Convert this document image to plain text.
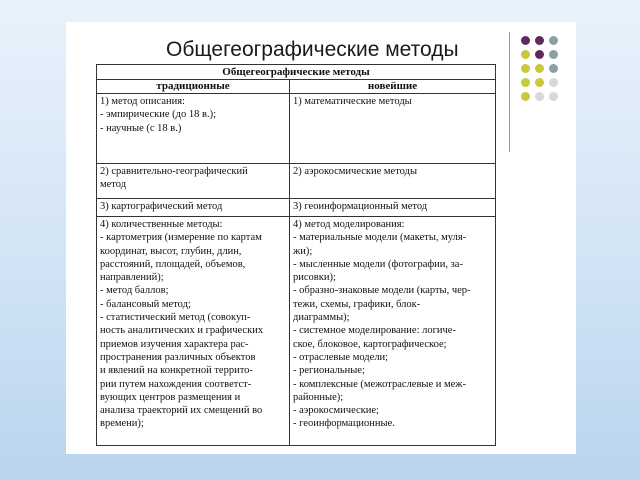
Общегеографические методы
Общегеографические методы
традиционные	новейшие
1) метод описания:
- эмпирические (до 18 в.);
- научные (с 18 в.)
1) математические методы
2) сравнительно-географический
метод
2) аэрокосмические методы
3) картографический метод	3) геоинформационный метод
4) количественные методы:
- картометрия (измерение по картам
координат, высот, глубин, длин,
расстояний, площадей, объемов,
направлений);
- метод баллов;
- балансовый метод;
- статистический метод (совокуп-
ность аналитических и графических
приемов изучения характера рас-
пространения различных объектов
и явлений на конкретной террито-
рии путем нахождения соответст-
вующих центров размещения и
анализа траекторий их смещений во
времени);
4) метод моделирования:
- материальные модели (макеты, муля-
жи);
- мысленные модели (фотографии, за-
рисовки);
- образно-знаковые модели (карты, чер-
тежи, схемы, графики, блок-
диаграммы);
- системное моделирование: логиче-
ское, блоковое, картографическое;
- отраслевые модели;
- региональные;
- комплексные (межотраслевые и меж-
районные);
- аэрокосмические;
- геоинформационные.
